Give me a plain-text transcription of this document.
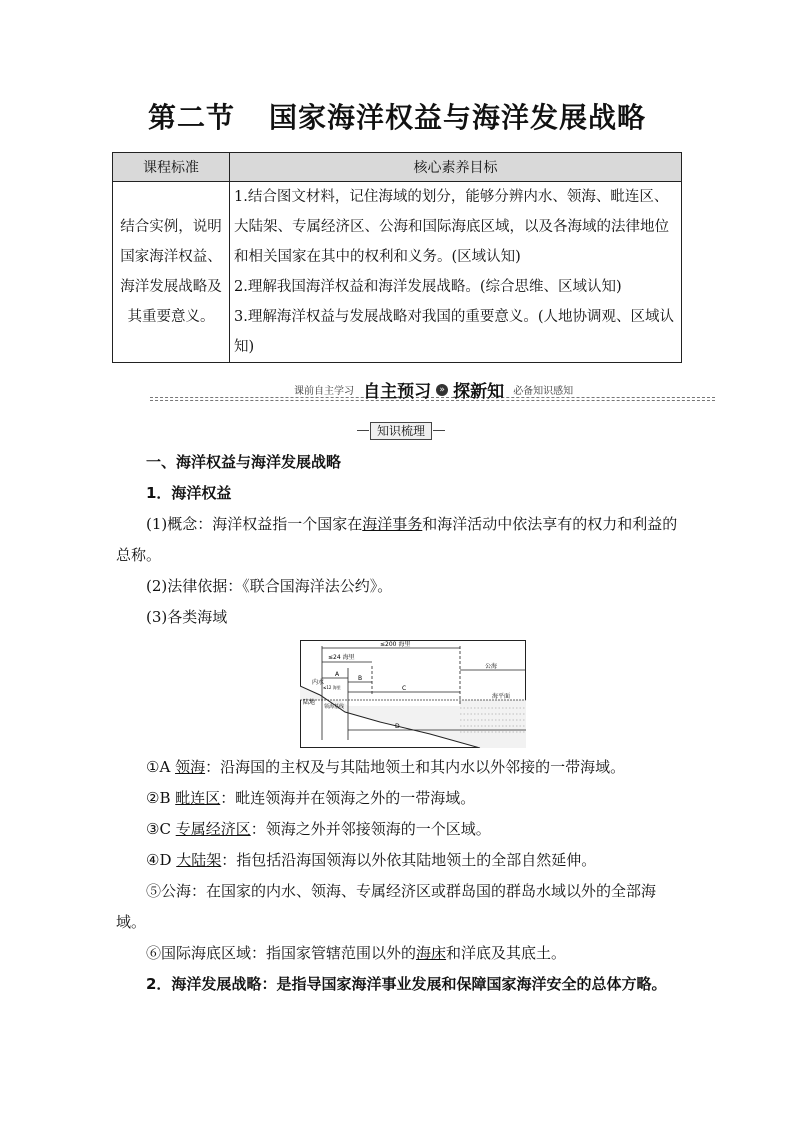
第二节 国家海洋权益与海洋发展战略
课程标准	核心素养目标
结合实例，说明国家海洋权益、海洋发展战略及其重要意义。	1.结合图文材料，记住海域的划分，能够分辨内水、领海、毗连区、大陆架、专属经济区、公海和国际海底区域，以及各海域的法律地位和相关国家在其中的权利和义务。(区域认知)
2.理解我国海洋权益和海洋发展战略。(综合思维、区域认知)
3.理解海洋权益与发展战略对我国的重要意义。(人地协调观、区域认知)
课前自主学习 自主预习 » 探新知 必备知识感知
知识梳理

一、海洋权益与海洋发展战略

1．海洋权益

(1)概念：海洋权益指一个国家在海洋事务和海洋活动中依法享有的权力和利益的总称。

(2)法律依据：《联合国海洋法公约》。

(3)各类海域

≤200 海里
≤24 海里
A
≤12 海里
B
C
D
公海
海平面
内水
陆地
领海基线

①A 领海：沿海国的主权及与其陆地领土和其内水以外邻接的一带海域。

②B 毗连区：毗连领海并在领海之外的一带海域。

③C 专属经济区：领海之外并邻接领海的一个区域。

④D 大陆架：指包括沿海国领海以外依其陆地领土的全部自然延伸。

⑤公海：在国家的内水、领海、专属经济区或群岛国的群岛水域以外的全部海域。

⑥国际海底区域：指国家管辖范围以外的海床和洋底及其底土。

2．海洋发展战略：是指导国家海洋事业发展和保障国家海洋安全的总体方略。
